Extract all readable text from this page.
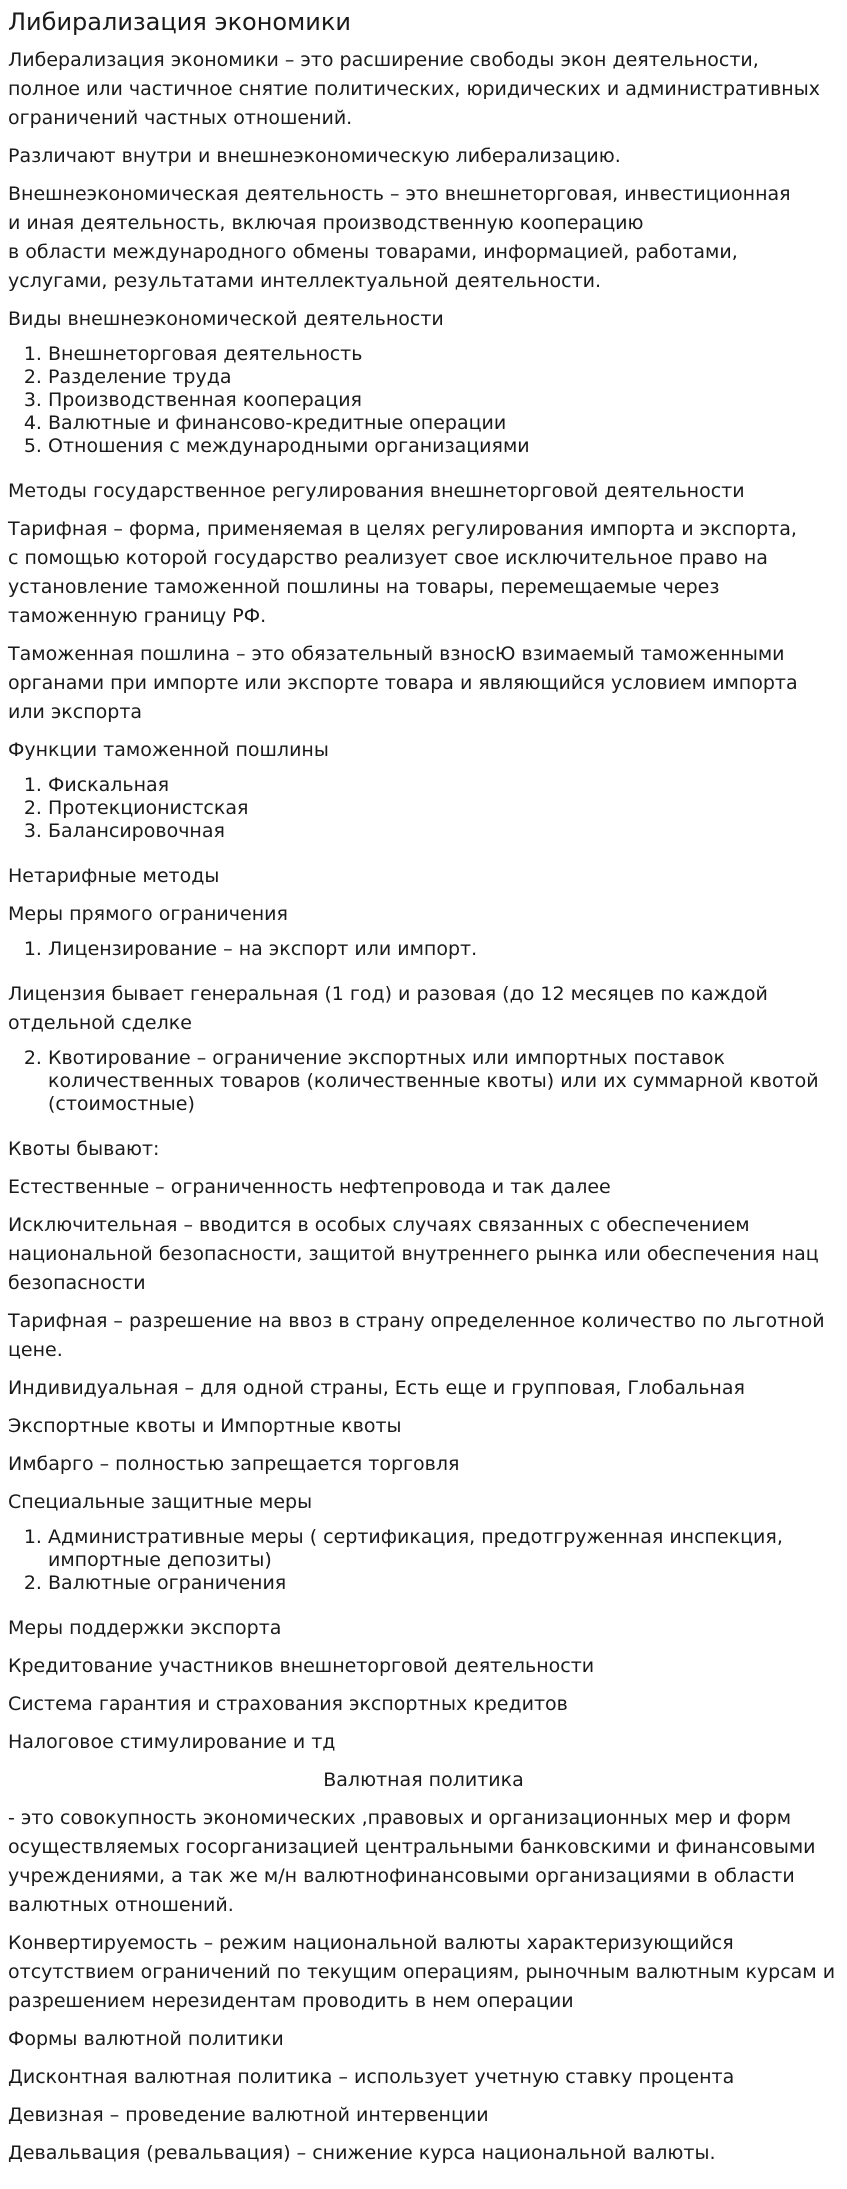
Либирализация экономики

Либерализация экономики – это расширение свободы экон деятельности,
полное или частичное снятие политических, юридических и административных
ограничений частных отношений.

Различают внутри и внешнеэкономическую либерализацию.

Внешнеэкономическая деятельность – это внешнеторговая, инвестиционная
и иная деятельность, включая производственную кооперацию
в области международного обмены товарами, информацией, работами,
услугами, результатами интеллектуальной деятельности.

Виды внешнеэкономической деятельности

1. Внешнеторговая деятельность
2. Разделение труда
3. Производственная кооперация
4. Валютные и финансово-кредитные операции
5. Отношения с международными организациями

Методы государственное регулирования внешнеторговой деятельности

Тарифная – форма, применяемая в целях регулирования импорта и экспорта,
с помощью которой государство реализует свое исключительное право на
установление таможенной пошлины на товары, перемещаемые через
таможенную границу РФ.

Таможенная пошлина – это обязательный взносЮ взимаемый таможенными
органами при импорте или экспорте товара и являющийся условием импорта
или экспорта

Функции таможенной пошлины

1. Фискальная
2. Протекционистская
3. Балансировочная

Нетарифные методы

Меры прямого ограничения

1. Лицензирование – на экспорт или импорт.

Лицензия бывает генеральная (1 год) и разовая (до 12 месяцев по каждой
отдельной сделке

2. Квотирование – ограничение экспортных или импортных поставок количественных товаров (количественные квоты) или их суммарной квотой (стоимостные)

Квоты бывают:

Естественные – ограниченность нефтепровода и так далее

Исключительная – вводится в особых случаях связанных с обеспечением
национальной безопасности, защитой внутреннего рынка или обеспечения нац
безопасности

Тарифная – разрешение на ввоз в страну определенное количество по льготной
цене.

Индивидуальная – для одной страны, Есть еще и групповая, Глобальная

Экспортные квоты и Импортные квоты

Имбарго – полностью запрещается торговля

Специальные защитные меры

1. Административные меры ( сертификация, предотгруженная инспекция, импортные депозиты)
2. Валютные ограничения

Меры поддержки экспорта

Кредитование участников внешнеторговой деятельности

Система гарантия и страхования экспортных кредитов

Налоговое стимулирование и тд

Валютная политика

- это совокупность экономических ,правовых и организационных мер и форм
осуществляемых госорганизацией центральными банковскими и финансовыми
учреждениями, а так же м/н валютнофинансовыми организациями в области
валютных отношений.

Конвертируемость – режим национальной валюты характеризующийся
отсутствием ограничений по текущим операциям, рыночным валютным курсам и
разрешением нерезидентам проводить в нем операции

Формы валютной политики

Дисконтная валютная политика – использует учетную ставку процента

Девизная – проведение валютной интервенции

Девальвация (ревальвация) – снижение курса национальной валюты.
